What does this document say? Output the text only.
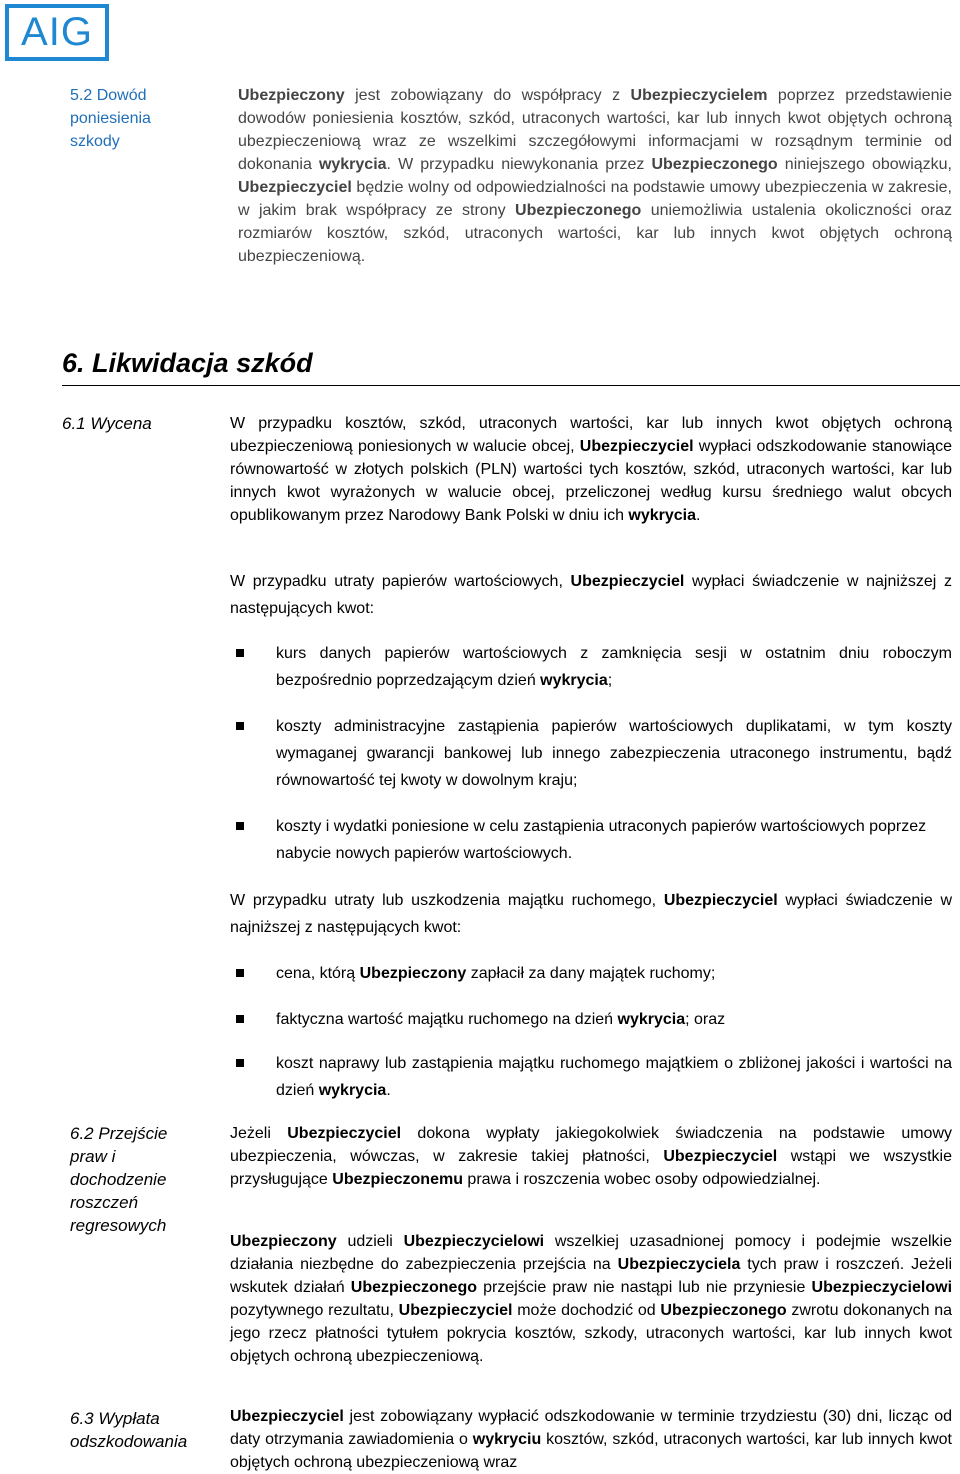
AIG
5.2 Dowód poniesienia szkody
Ubezpieczony jest zobowiązany do współpracy z Ubezpieczycielem poprzez przedstawienie dowodów poniesienia kosztów, szkód, utraconych wartości, kar lub innych kwot objętych ochroną ubezpieczeniową wraz ze wszelkimi szczegółowymi informacjami w rozsądnym terminie od dokonania wykrycia. W przypadku niewykonania przez Ubezpieczonego niniejszego obowiązku, Ubezpieczyciel będzie wolny od odpowiedzialności na podstawie umowy ubezpieczenia w zakresie, w jakim brak współpracy ze strony Ubezpieczonego uniemożliwia ustalenia okoliczności oraz rozmiarów kosztów, szkód, utraconych wartości, kar lub innych kwot objętych ochroną ubezpieczeniową.
6. Likwidacja szkód
6.1 Wycena	W przypadku kosztów, szkód, utraconych wartości, kar lub innych kwot objętych ochroną ubezpieczeniową poniesionych w walucie obcej, Ubezpieczyciel wypłaci odszkodowanie stanowiące równowartość w złotych polskich (PLN) wartości tych kosztów, szkód, utraconych wartości, kar lub innych kwot wyrażonych w walucie obcej, przeliczonej według kursu średniego walut obcych opublikowanym przez Narodowy Bank Polski w dniu ich wykrycia.
W przypadku utraty papierów wartościowych, Ubezpieczyciel wypłaci świadczenie w najniższej z następujących kwot:
kurs danych papierów wartościowych z zamknięcia sesji w ostatnim dniu roboczym bezpośrednio poprzedzającym dzień wykrycia;
koszty administracyjne zastąpienia papierów wartościowych duplikatami, w tym koszty wymaganej gwarancji bankowej lub innego zabezpieczenia utraconego instrumentu, bądź równowartość tej kwoty w dowolnym kraju;
koszty i wydatki poniesione w celu zastąpienia utraconych papierów wartościowych poprzez nabycie nowych papierów wartościowych.
W przypadku utraty lub uszkodzenia majątku ruchomego, Ubezpieczyciel wypłaci świadczenie w najniższej z następujących kwot:
cena, którą Ubezpieczony zapłacił za dany majątek ruchomy;
faktyczna wartość majątku ruchomego na dzień wykrycia; oraz
koszt naprawy lub zastąpienia majątku ruchomego majątkiem o zbliżonej jakości i wartości na dzień wykrycia.
6.2 Przejście praw i dochodzenie roszczeń regresowych
Jeżeli Ubezpieczyciel dokona wypłaty jakiegokolwiek świadczenia na podstawie umowy ubezpieczenia, wówczas, w zakresie takiej płatności, Ubezpieczyciel wstąpi we wszystkie przysługujące Ubezpieczonemu prawa i roszczenia wobec osoby odpowiedzialnej.
Ubezpieczony udzieli Ubezpieczycielowi wszelkiej uzasadnionej pomocy i podejmie wszelkie działania niezbędne do zabezpieczenia przejścia na Ubezpieczyciela tych praw i roszczeń. Jeżeli wskutek działań Ubezpieczonego przejście praw nie nastąpi lub nie przyniesie Ubezpieczycielowi pozytywnego rezultatu, Ubezpieczyciel może dochodzić od Ubezpieczonego zwrotu dokonanych na jego rzecz płatności tytułem pokrycia kosztów, szkody, utraconych wartości, kar lub innych kwot objętych ochroną ubezpieczeniową.
6.3 Wypłata odszkodowania
Ubezpieczyciel jest zobowiązany wypłacić odszkodowanie w terminie trzydziestu (30) dni, licząc od daty otrzymania zawiadomienia o wykryciu kosztów, szkód, utraconych wartości, kar lub innych kwot objętych ochroną ubezpieczeniową wraz
